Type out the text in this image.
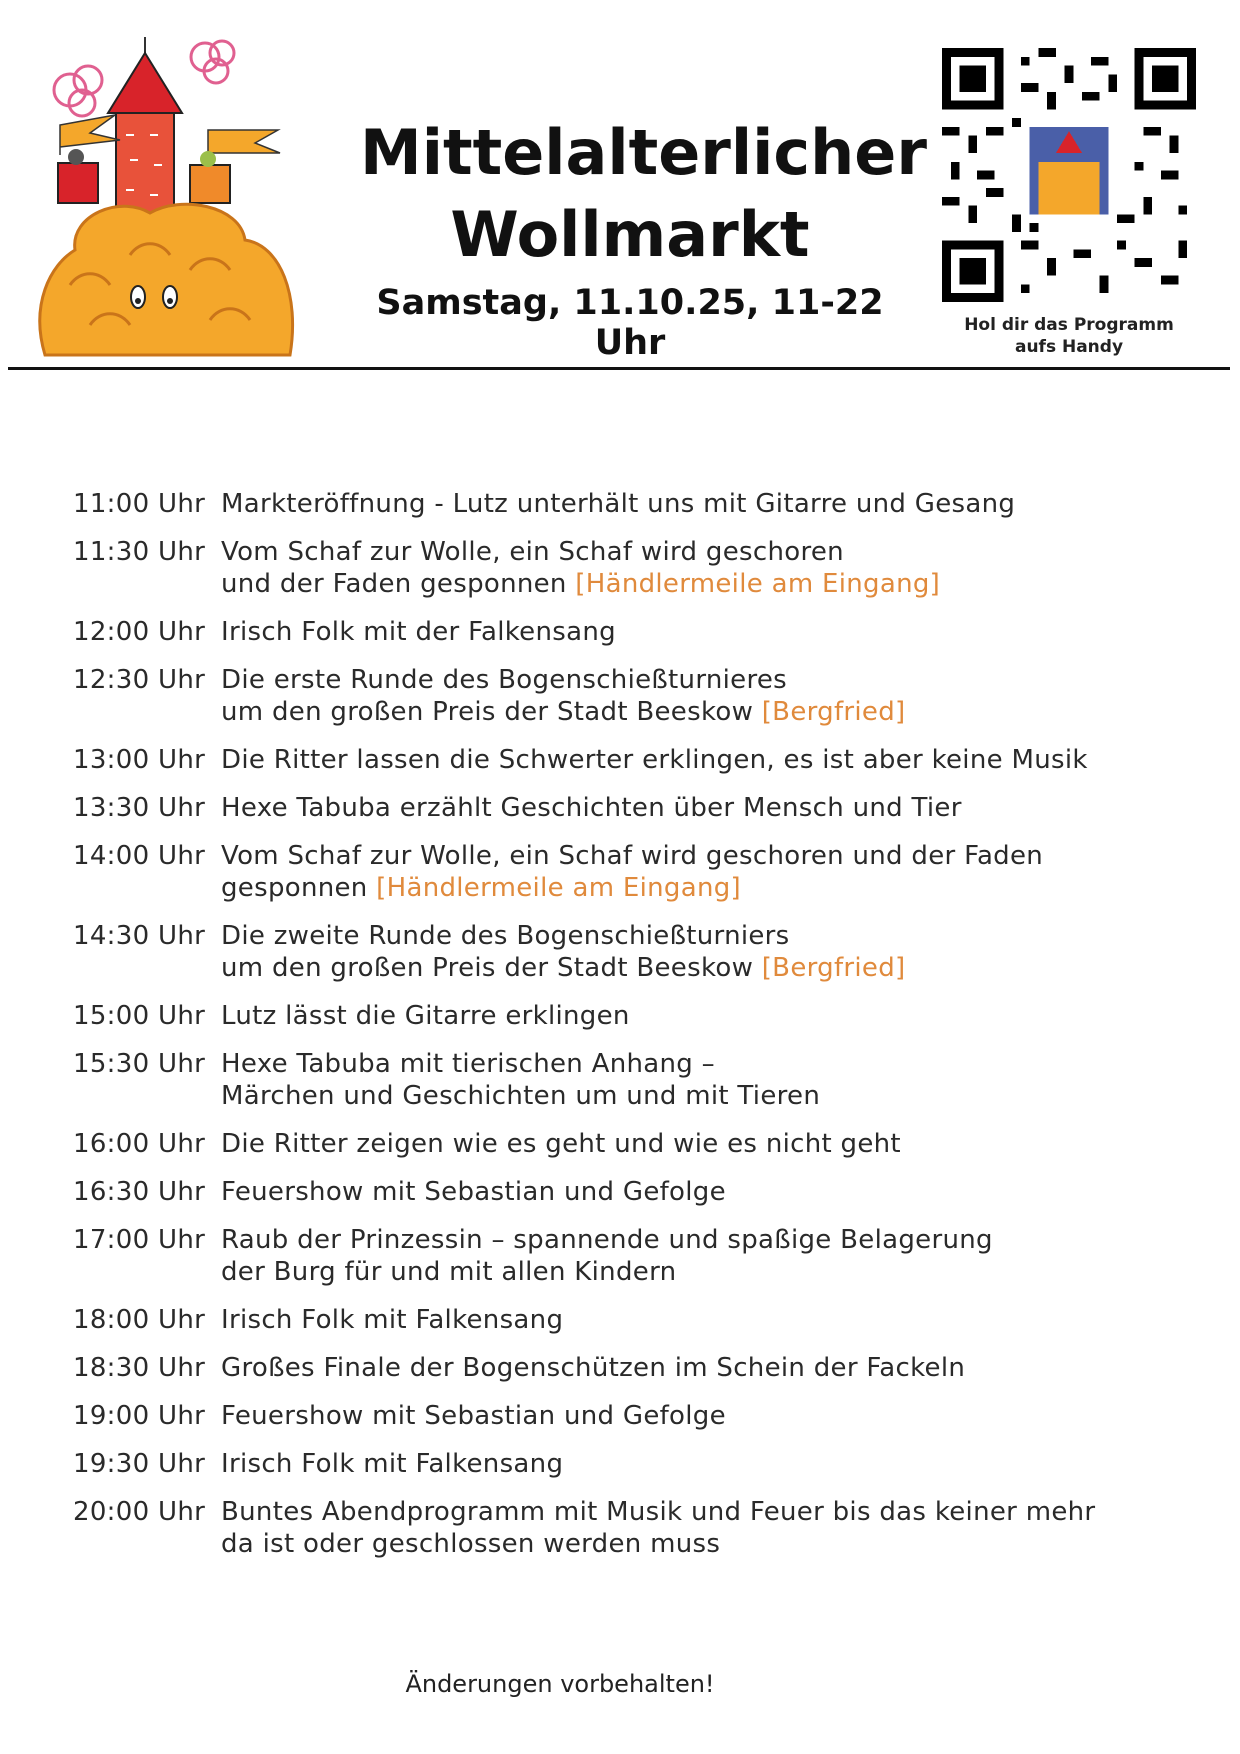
Mittelalterlicher
Wollmarkt
Samstag, 11.10.25, 11-22 Uhr	Hol dir das Programm
aufs Handy
11:00 Uhr Markteröffnung - Lutz unterhält uns mit Gitarre und Gesang
11:30 Uhr Vom Schaf zur Wolle, ein Schaf wird geschoren
und der Faden gesponnen [Händlermeile am Eingang]
12:00 Uhr Irisch Folk mit der Falkensang
12:30 Uhr Die erste Runde des Bogenschießturnieres
um den großen Preis der Stadt Beeskow [Bergfried]
13:00 Uhr Die Ritter lassen die Schwerter erklingen, es ist aber keine Musik
13:30 Uhr Hexe Tabuba erzählt Geschichten über Mensch und Tier
14:00 Uhr Vom Schaf zur Wolle, ein Schaf wird geschoren und der Faden
gesponnen [Händlermeile am Eingang]
14:30 Uhr Die zweite Runde des Bogenschießturniers
um den großen Preis der Stadt Beeskow [Bergfried]
15:00 Uhr Lutz lässt die Gitarre erklingen
15:30 Uhr Hexe Tabuba mit tierischen Anhang –
Märchen und Geschichten um und mit Tieren
16:00 Uhr Die Ritter zeigen wie es geht und wie es nicht geht
16:30 Uhr Feuershow mit Sebastian und Gefolge
17:00 Uhr Raub der Prinzessin – spannende und spaßige Belagerung
der Burg für und mit allen Kindern
18:00 Uhr Irisch Folk mit Falkensang
18:30 Uhr Großes Finale der Bogenschützen im Schein der Fackeln
19:00 Uhr Feuershow mit Sebastian und Gefolge
19:30 Uhr Irisch Folk mit Falkensang
20:00 Uhr Buntes Abendprogramm mit Musik und Feuer bis das keiner mehr
da ist oder geschlossen werden muss
Änderungen vorbehalten!
